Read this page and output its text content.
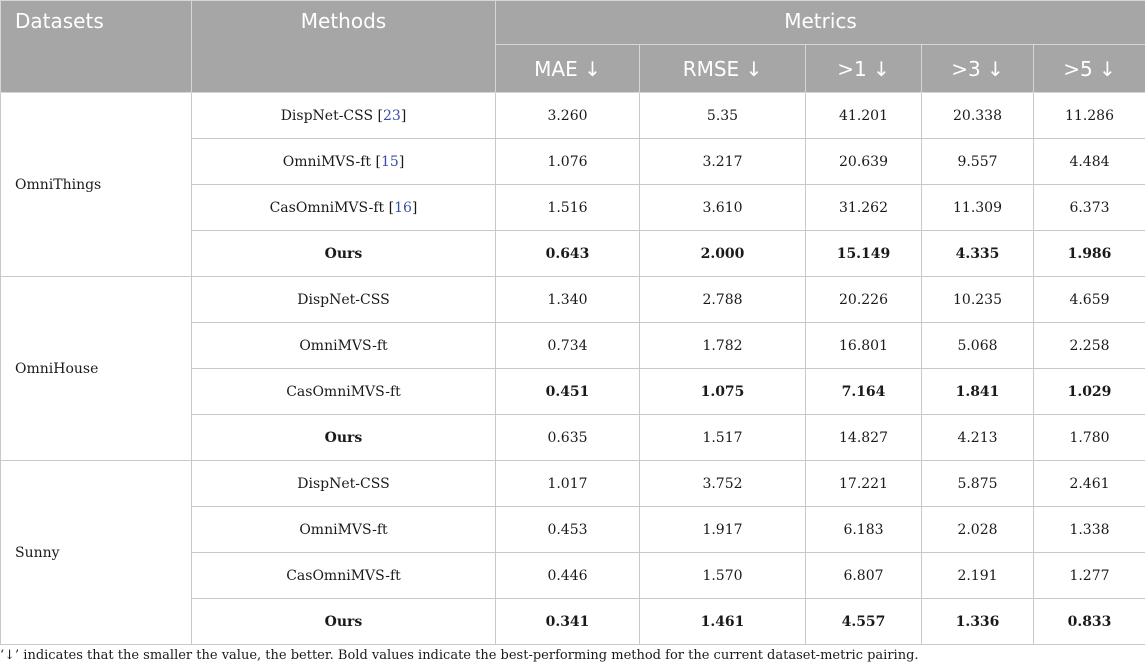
Datasets	Methods	Metrics				
		MAE ↓	RMSE ↓	>1 ↓	>3 ↓	>5 ↓
OmniThings	DispNet-CSS [23]	3.260	5.35	41.201	20.338	11.286
	OmniMVS-ft [15]	1.076	3.217	20.639	9.557	4.484
	CasOmniMVS-ft [16]	1.516	3.610	31.262	11.309	6.373
	Ours	0.643	2.000	15.149	4.335	1.986
OmniHouse	DispNet-CSS	1.340	2.788	20.226	10.235	4.659
	OmniMVS-ft	0.734	1.782	16.801	5.068	2.258
	CasOmniMVS-ft	0.451	1.075	7.164	1.841	1.029
	Ours	0.635	1.517	14.827	4.213	1.780
Sunny	DispNet-CSS	1.017	3.752	17.221	5.875	2.461
	OmniMVS-ft	0.453	1.917	6.183	2.028	1.338
	CasOmniMVS-ft	0.446	1.570	6.807	2.191	1.277
	Ours	0.341	1.461	4.557	1.336	0.833
‘↓’ indicates that the smaller the value, the better. Bold values indicate the best-performing method for the current dataset-metric pairing.
